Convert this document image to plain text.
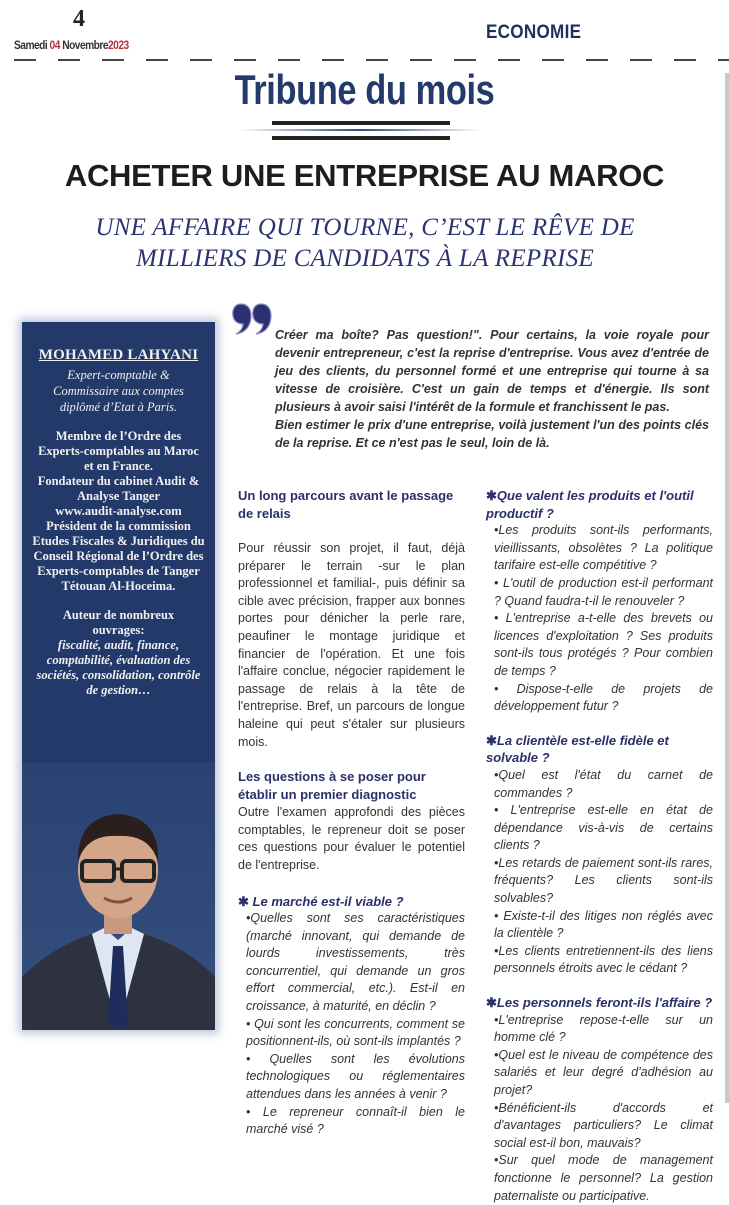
4
Samedi 04 Novembre2023
ECONOMIE
Tribune du mois
ACHETER UNE ENTREPRISE AU MAROC
UNE AFFAIRE QUI TOURNE, C’EST LE RÊVE DE MILLIERS DE CANDIDATS À LA REPRISE
MOHAMED LAHYANI
Expert-comptable & Commissaire aux comptes diplômé d’Etat à Paris.
Membre de l’Ordre des Experts-comptables au Maroc et en France.
Fondateur du cabinet Audit & Analyse Tanger
www.audit-analyse.com
Président de la commission Etudes Fiscales & Juridiques du Conseil Régional de l’Ordre des Experts-comptables de Tanger Tétouan Al-Hoceima.
Auteur de nombreux ouvrages:
fiscalité, audit, finance, comptabilité, évaluation des sociétés, consolidation, contrôle de gestion…

Créer ma boîte? Pas question!". Pour certains, la voie royale pour devenir entrepreneur, c'est la reprise d'entreprise. Vous avez d'entrée de jeu des clients, du personnel formé et une entreprise qui tourne à sa vitesse de croisière. C'est un gain de temps et d'énergie. Ils sont plusieurs à avoir saisi l'intérêt de la formule et franchissent le pas.

Bien estimer le prix d'une entreprise, voilà justement l'un des points clés de la reprise. Et ce n'est pas le seul, loin de là.

Un long parcours avant le passage de relais

Pour réussir son projet, il faut, déjà préparer le terrain -sur le plan professionnel et familial-, puis définir sa cible avec précision, frapper aux bonnes portes pour dénicher la perle rare, peaufiner le montage juridique et financier de l'opération. Et une fois l'affaire conclue, négocier rapidement le passage de relais à la tête de l'entreprise. Bref, un parcours de longue haleine qui peut s'étaler sur plusieurs mois.

Les questions à se poser pour établir un premier diagnostic

Outre l'examen approfondi des pièces comptables, le repreneur doit se poser ces questions pour évaluer le potentiel de l'entreprise.

✱ Le marché est-il viable ?

•Quelles sont ses caractéristiques (marché innovant, qui demande de lourds investissements, très concurrentiel, qui demande un gros effort commercial, etc.). Est-il en croissance, à maturité, en déclin ?

• Qui sont les concurrents, comment se positionnent-ils, où sont-ils implantés ?

• Quelles sont les évolutions technologiques ou réglementaires attendues dans les années à venir ?

• Le repreneur connaît-il bien le marché visé ?

✱Que valent les produits et l'outil productif ?

•Les produits sont-ils performants, vieillissants, obsolètes ? La politique tarifaire est-elle compétitive ?

• L'outil de production est-il performant ? Quand faudra-t-il le renouveler ?

• L'entreprise a-t-elle des brevets ou licences d'exploitation ? Ses produits sont-ils tous protégés ? Pour combien de temps ?

• Dispose-t-elle de projets de développement futur ?

✱La clientèle est-elle fidèle et solvable ?

•Quel est l'état du carnet de commandes ?

• L'entreprise est-elle en état de dépendance vis-à-vis de certains clients ?

•Les retards de paiement sont-ils rares, fréquents? Les clients sont-ils solvables?

• Existe-t-il des litiges non réglés avec la clientèle ?

•Les clients entretiennent-ils des liens personnels étroits avec le cédant ?

✱Les personnels feront-ils l'affaire ?

•L'entreprise repose-t-elle sur un homme clé ?

•Quel est le niveau de compétence des salariés et leur degré d'adhésion au projet?

•Bénéficient-ils d'accords et d'avantages particuliers? Le climat social est-il bon, mauvais?

•Sur quel mode de management fonctionne le personnel? La gestion paternaliste ou participative.
